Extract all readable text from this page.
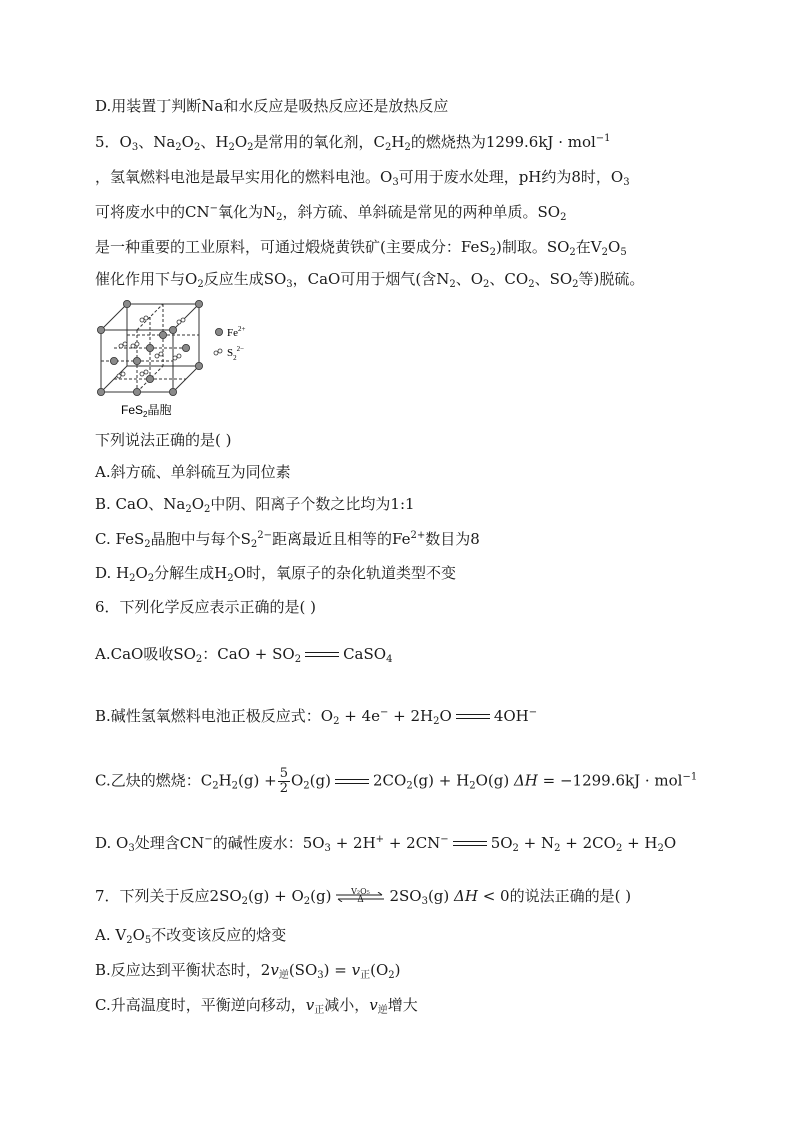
D.用装置丁判断Na和水反应是吸热反应还是放热反应
5．$O_3$、$Na_2O_2$、$H_2O_2$是常用的氧化剂，$C_2H_2$的燃烧热为1299.6kJ · mol$^{-1}$
，氢氧燃料电池是最早实用化的燃料电池。$O_3$可用于废水处理，pH约为8时，$O_3$
可将废水中的CN−氧化为$N_2$，斜方硫、单斜硫是常见的两种单质。$SO_2$
是一种重要的工业原料，可通过煅烧黄铁矿(主要成分：FeS$_2$)制取。$SO_2$在$V_2O_5$
催化作用下与$O_2$反应生成$SO_3$，CaO可用于烟气(含$N_2$、$O_2$、$CO_2$、$SO_2$等)脱硫。
$Fe^{2+}$
$S_2^{2-}$
FeS$_2$晶胞
下列说法正确的是( )
A.斜方硫、单斜硫互为同位素
B. CaO、$Na_2O_2$中阴、阳离子个数之比均为1:1
C. FeS$_2$晶胞中与每个$S_2^{2-}$距离最近且相等的$Fe^{2+}$数目为8
D. $H_2O_2$分解生成$H_2O$时，氧原子的杂化轨道类型不变
6．下列化学反应表示正确的是( )
A.CaO吸收$SO_2$：CaO + $SO_2$	CaSO$_4$
B.碱性氢氧燃料电池正极反应式：$O_2 + 4e^- + 2H_2O$	4OH−
C.乙炔的燃烧：$C_2H_2(g) + \frac{5}{2} O_2(g)$	$2CO_2(g) + H_2O(g) \Delta H = -1299.6kJ \cdot mol^{-1}$
D. $O_3$处理含CN−的碱性废水：$5O_3 + 2H^+ + 2CN^-$	$5O_2 + N_2 + 2CO_2 + H_2O$
7．下列关于反应$2SO_2(g) + O_2(g)$	V₂O₅
Δ	$2SO_3(g) \Delta H < 0$的说法正确的是( )
A. $V_2O_5$不改变该反应的焓变
B.反应达到平衡状态时，$2v_逆(SO_3) = v_正(O_2)$
C.升高温度时，平衡逆向移动，$v_正$减小，$v_逆$增大
